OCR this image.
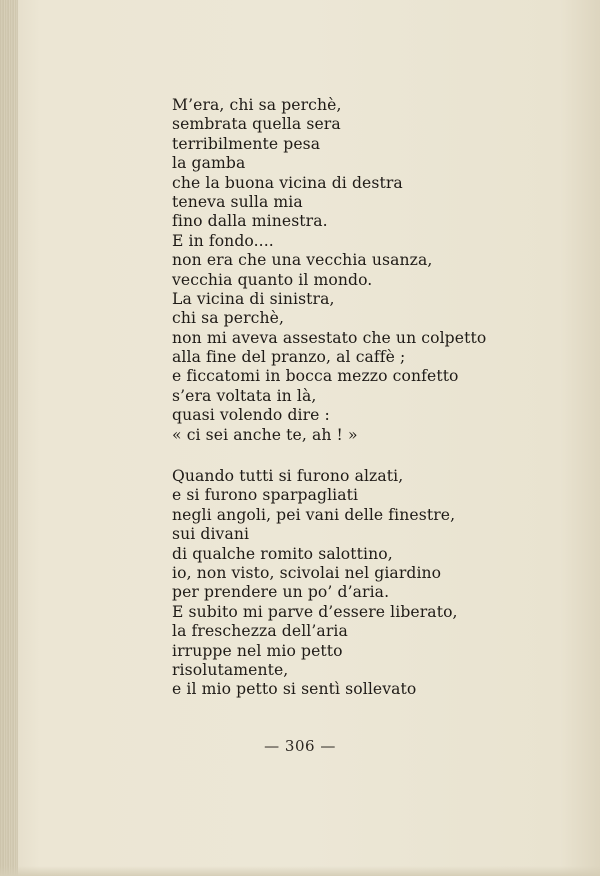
M’era, chi sa perchè,
sembrata quella sera
terribilmente pesa
la gamba
che la buona vicina di destra
teneva sulla mia
fino dalla minestra.
E in fondo....
non era che una vecchia usanza,
vecchia quanto il mondo.
La vicina di sinistra,
chi sa perchè,
non mi aveva assestato che un colpetto
alla fine del pranzo, al caffè ;
e ficcatomi in bocca mezzo confetto
s’era voltata in là,
quasi volendo dire :
« ci sei anche te, ah ! »

Quando tutti si furono alzati,
e si furono sparpagliati
negli angoli, pei vani delle finestre,
sui divani
di qualche romito salottino,
io, non visto, scivolai nel giardino
per prendere un po’ d’aria.
E subito mi parve d’essere liberato,
la freschezza dell’aria
irruppe nel mio petto
risolutamente,
e il mio petto si sentì sollevato

— 306 —
